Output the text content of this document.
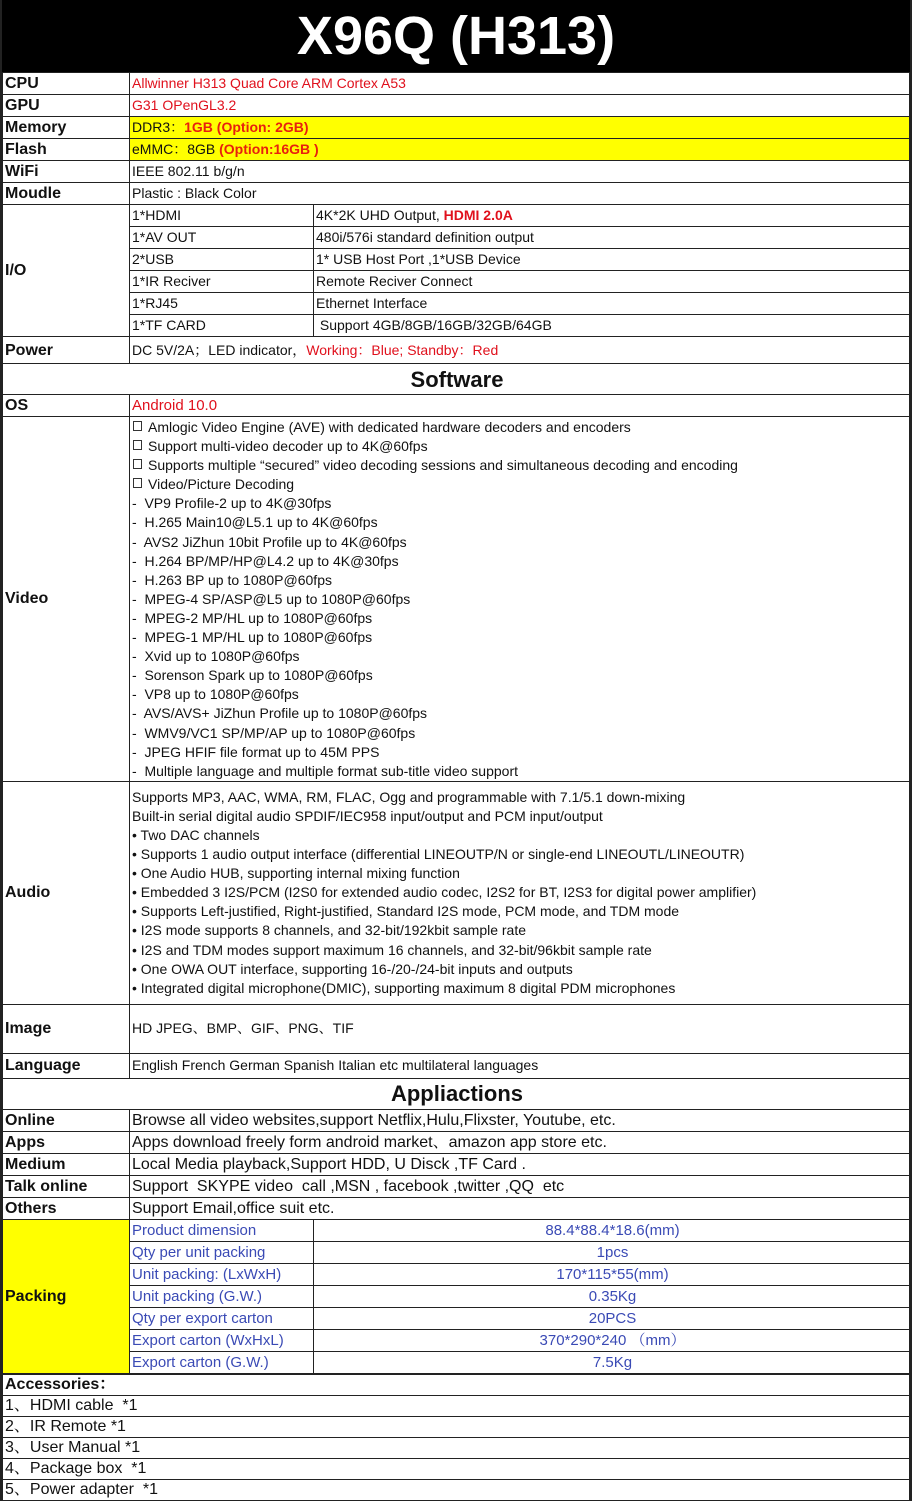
X96Q (H313)
CPU	Allwinner H313 Quad Core ARM Cortex A53	
GPU	G31 OPenGL3.2	
Memory	DDR3：1GB (Option: 2GB)	
Flash	eMMC：8GB (Option:16GB )	
WiFi	IEEE 802.11 b/g/n	
Moudle	Plastic : Black Color	
I/O	1*HDMI	4K*2K UHD Output, HDMI 2.0A
	1*AV OUT	480i/576i standard definition output
	2*USB	1* USB Host Port ,1*USB Device
	1*IR Reciver	Remote Reciver Connect
	1*RJ45	Ethernet Interface
	1*TF CARD	Support 4GB/8GB/16GB/32GB/64GB
Power	DC 5V/2A；LED indicator，Working：Blue; Standby：Red	
Software		
OS	Android 10.0	
Video	
Amlogic Video Engine (AVE) with dedicated hardware decoders and encoders
Support multi-video decoder up to 4K@60fps
Supports multiple “secured” video decoding sessions and simultaneous decoding and encoding
Video/Picture Decoding
-  VP9 Profile-2 up to 4K@30fps
-  H.265 Main10@L5.1 up to 4K@60fps
-  AVS2 JiZhun 10bit Profile up to 4K@60fps
-  H.264 BP/MP/HP@L4.2 up to 4K@30fps
-  H.263 BP up to 1080P@60fps
-  MPEG-4 SP/ASP@L5 up to 1080P@60fps
-  MPEG-2 MP/HL up to 1080P@60fps
-  MPEG-1 MP/HL up to 1080P@60fps
-  Xvid up to 1080P@60fps
-  Sorenson Spark up to 1080P@60fps
-  VP8 up to 1080P@60fps
-  AVS/AVS+ JiZhun Profile up to 1080P@60fps
-  WMV9/VC1 SP/MP/AP up to 1080P@60fps
-  JPEG HFIF file format up to 45M PPS
-  Multiple language and multiple format sub-title video support

Audio	
Supports MP3, AAC, WMA, RM, FLAC, Ogg and programmable with 7.1/5.1 down-mixing
Built-in serial digital audio SPDIF/IEC958 input/output and PCM input/output
• Two DAC channels
• Supports 1 audio output interface (differential LINEOUTP/N or single-end LINEOUTL/LINEOUTR)
• One Audio HUB, supporting internal mixing function
• Embedded 3 I2S/PCM (I2S0 for extended audio codec, I2S2 for BT, I2S3 for digital power amplifier)
• Supports Left-justified, Right-justified, Standard I2S mode, PCM mode, and TDM mode
• I2S mode supports 8 channels, and 32-bit/192kbit sample rate
• I2S and TDM modes support maximum 16 channels, and 32-bit/96kbit sample rate
• One OWA OUT interface, supporting 16-/20-/24-bit inputs and outputs
• Integrated digital microphone(DMIC), supporting maximum 8 digital PDM microphones

Image	HD JPEG、BMP、GIF、PNG、TIF	
Language	English French German Spanish Italian etc multilateral languages	
Appliactions		
Online	Browse all video websites,support Netflix,Hulu,Flixster, Youtube, etc.	
Apps	Apps download freely form android market、amazon app store etc.	
Medium	Local Media playback,Support HDD, U Disck ,TF Card .	
Talk online	Support  SKYPE video  call ,MSN , facebook ,twitter ,QQ  etc	
Others	Support Email,office suit etc.	
Packing	Product dimension	88.4*88.4*18.6(mm)
	Qty per unit packing	1pcs
	Unit packing: (LxWxH)	170*115*55(mm)
	Unit packing (G.W.)	0.35Kg
	Qty per export carton	20PCS
	Export carton (WxHxL)	370*290*240 （mm）
	Export carton (G.W.)	7.5Kg
Accessories：
1、HDMI cable  *1
2、IR Remote *1
3、User Manual *1
4、Package box  *1
5、Power adapter  *1
